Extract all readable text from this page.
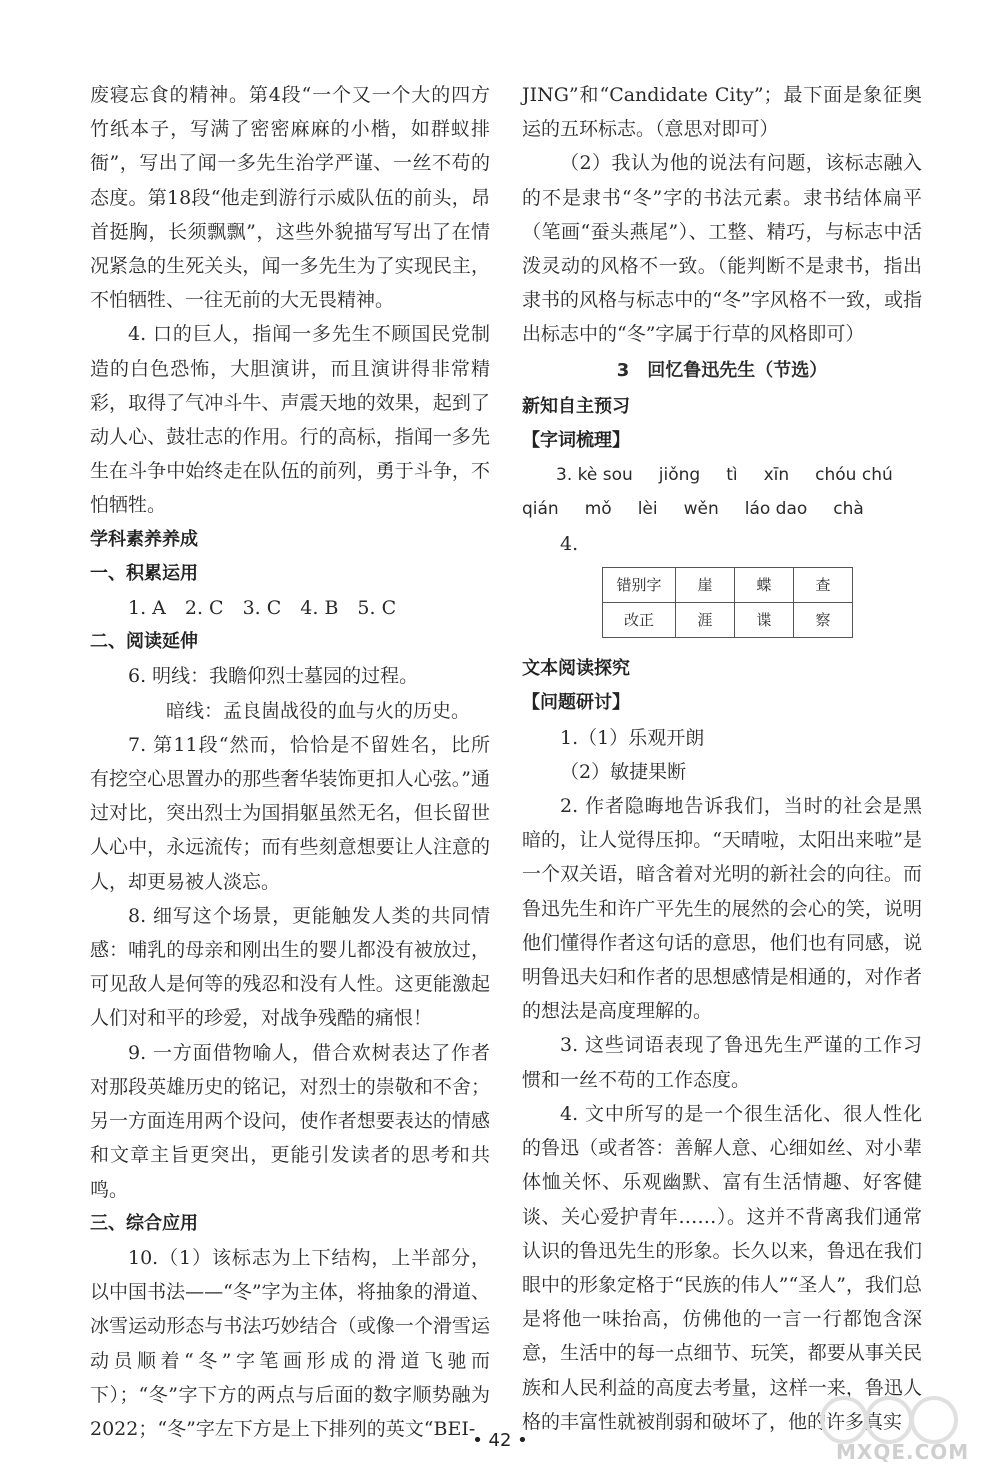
废寝忘食的精神。第4段“一个又一个大的四方竹纸本子，写满了密密麻麻的小楷，如群蚁排衙”，写出了闻一多先生治学严谨、一丝不苟的态度。第18段“他走到游行示威队伍的前头，昂首挺胸，长须飘飘”，这些外貌描写写出了在情况紧急的生死关头，闻一多先生为了实现民主，不怕牺牲、一往无前的大无畏精神。

4. 口的巨人，指闻一多先生不顾国民党制造的白色恐怖，大胆演讲，而且演讲得非常精彩，取得了气冲斗牛、声震天地的效果，起到了动人心、鼓壮志的作用。行的高标，指闻一多先生在斗争中始终走在队伍的前列，勇于斗争，不怕牺牲。

学科素养养成

一、积累运用

1. A　2. C　3. C　4. B　5. C

二、阅读延伸

6. 明线：我瞻仰烈士墓园的过程。

暗线：孟良崮战役的血与火的历史。

7. 第11段“然而，恰恰是不留姓名，比所有挖空心思置办的那些奢华装饰更扣人心弦。”通过对比，突出烈士为国捐躯虽然无名，但长留世人心中，永远流传；而有些刻意想要让人注意的人，却更易被人淡忘。

8. 细写这个场景，更能触发人类的共同情感：哺乳的母亲和刚出生的婴儿都没有被放过，可见敌人是何等的残忍和没有人性。这更能激起人们对和平的珍爱，对战争残酷的痛恨！

9. 一方面借物喻人，借合欢树表达了作者对那段英雄历史的铭记，对烈士的崇敬和不舍；另一方面连用两个设问，使作者想要表达的情感和文章主旨更突出，更能引发读者的思考和共鸣。

三、综合应用

10.（1）该标志为上下结构，上半部分，以中国书法——“冬”字为主体，将抽象的滑道、冰雪运动形态与书法巧妙结合（或像一个滑雪运动员顺着“冬”字笔画形成的滑道飞驰而下）；“冬”字下方的两点与后面的数字顺势融为2022；“冬”字左下方是上下排列的英文“BEI-

JING”和“Candidate City”；最下面是象征奥运的五环标志。（意思对即可）

（2）我认为他的说法有问题，该标志融入的不是隶书“冬”字的书法元素。隶书结体扁平（笔画“蚕头燕尾”）、工整、精巧，与标志中活泼灵动的风格不一致。（能判断不是隶书，指出隶书的风格与标志中的“冬”字风格不一致，或指出标志中的“冬”字属于行草的风格即可）

3　回忆鲁迅先生（节选）

新知自主预习

【字词梳理】

3. kè sou jiǒng tì xīn chóu chú

qián mǒ lèi wěn láo dao chà

4.

错别字	崖	蝶	查
改正	涯	谍	察

文本阅读探究

【问题研讨】

1.（1）乐观开朗

（2）敏捷果断

2. 作者隐晦地告诉我们，当时的社会是黑暗的，让人觉得压抑。“天晴啦，太阳出来啦”是一个双关语，暗含着对光明的新社会的向往。而鲁迅先生和许广平先生的展然的会心的笑，说明他们懂得作者这句话的意思，他们也有同感，说明鲁迅夫妇和作者的思想感情是相通的，对作者的想法是高度理解的。

3. 这些词语表现了鲁迅先生严谨的工作习惯和一丝不苟的工作态度。

4. 文中所写的是一个很生活化、很人性化的鲁迅（或者答：善解人意、心细如丝、对小辈体恤关怀、乐观幽默、富有生活情趣、好客健谈、关心爱护青年……）。这并不背离我们通常认识的鲁迅先生的形象。长久以来，鲁迅在我们眼中的形象定格于“民族的伟人”“圣人”，我们总是将他一味抬高，仿佛他的一言一行都饱含深意，生活中的每一点细节、玩笑，都要从事关民族和人民利益的高度去考量，这样一来，鲁迅人格的丰富性就被削弱和破坏了，他的许多真实

• 42 •	MXQE.COM
